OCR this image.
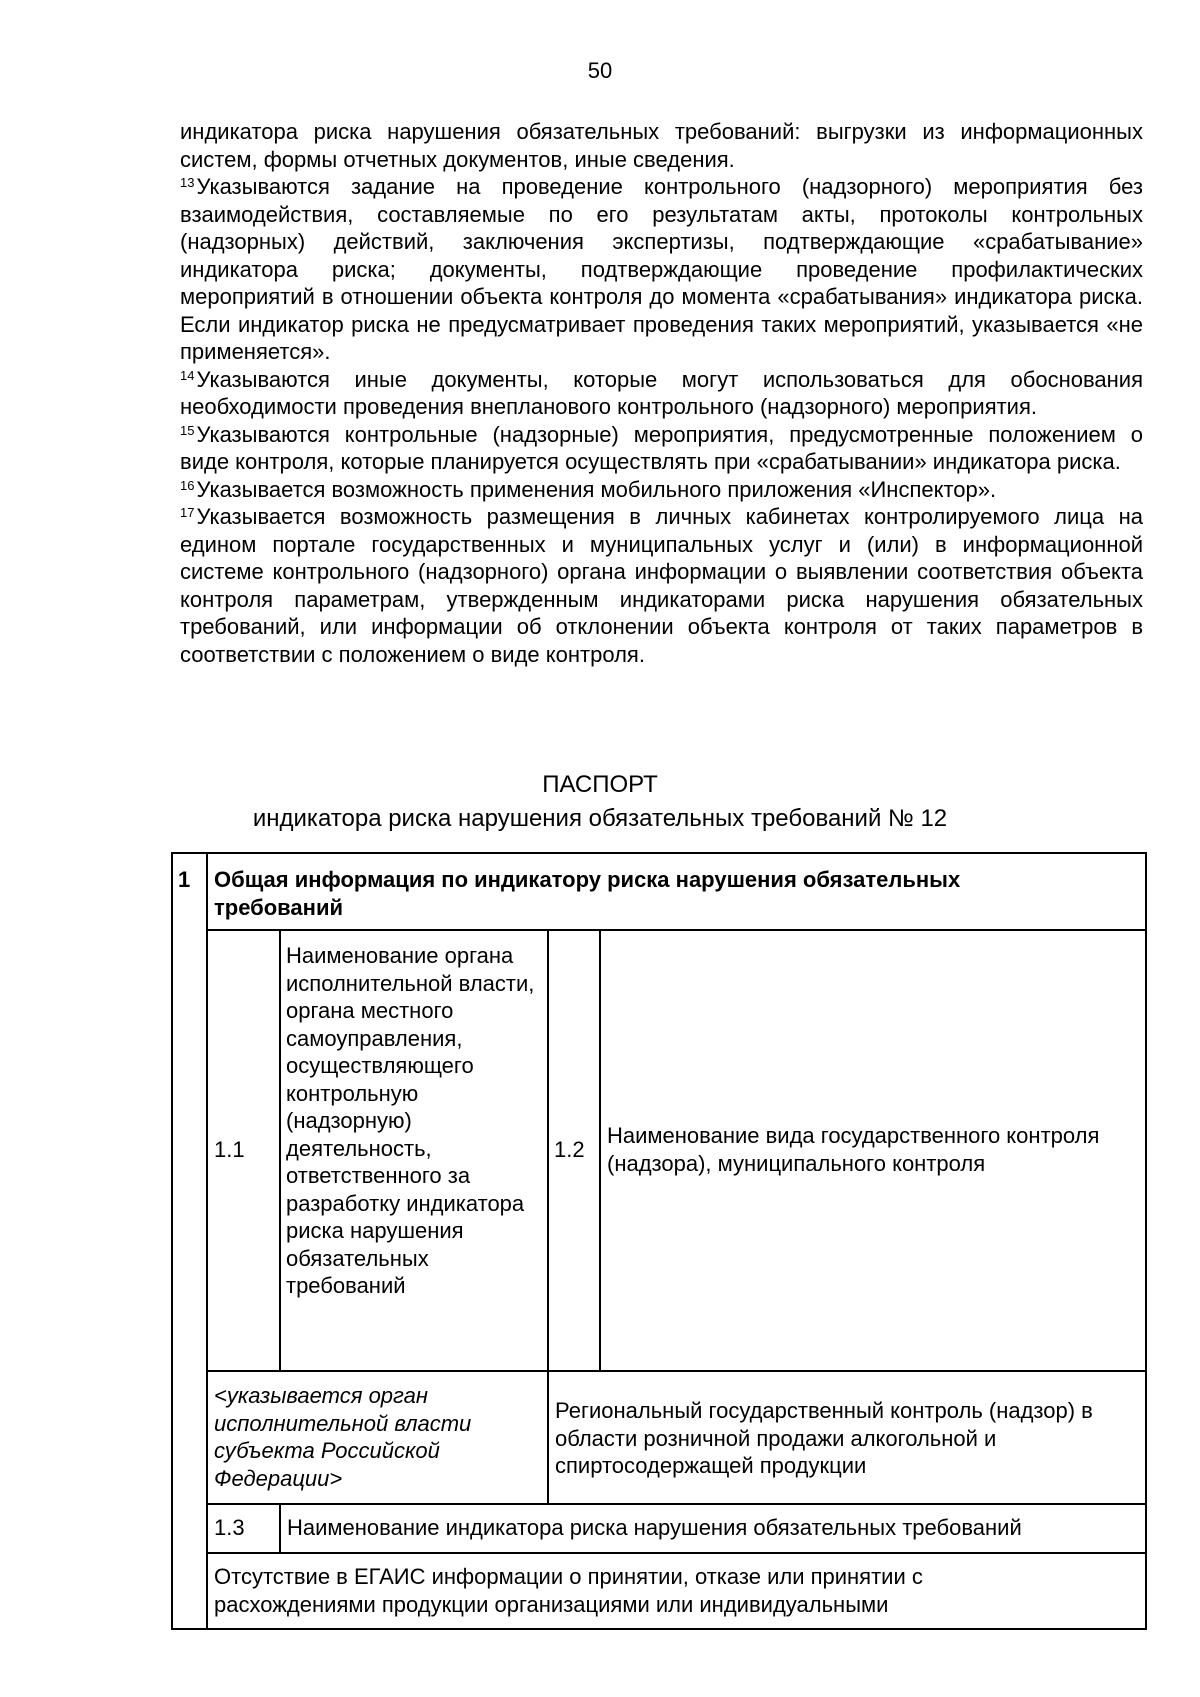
50

индикатора риска нарушения обязательных требований: выгрузки из информационных систем, формы отчетных документов, иные сведения.

$^{13}$Указываются задание на проведение контрольного (надзорного) мероприятия без взаимодействия, составляемые по его результатам акты, протоколы контрольных (надзорных) действий, заключения экспертизы, подтверждающие «срабатывание» индикатора риска; документы, подтверждающие проведение профилактических мероприятий в отношении объекта контроля до момента «срабатывания» индикатора риска. Если индикатор риска не предусматривает проведения таких мероприятий, указывается «не применяется».

$^{14}$Указываются иные документы, которые могут использоваться для обоснования необходимости проведения внепланового контрольного (надзорного) мероприятия.

$^{15}$Указываются контрольные (надзорные) мероприятия, предусмотренные положением о виде контроля, которые планируется осуществлять при «срабатывании» индикатора риска.

$^{16}$Указывается возможность применения мобильного приложения «Инспектор».

$^{17}$Указывается возможность размещения в личных кабинетах контролируемого лица на едином портале государственных и муниципальных услуг и (или) в информационной системе контрольного (надзорного) органа информации о выявлении соответствия объекта контроля параметрам, утвержденным индикаторами риска нарушения обязательных требований, или информации об отклонении объекта контроля от таких параметров в соответствии с положением о виде контроля.

ПАСПОРТ
индикатора риска нарушения обязательных требований № 12
1	Общая информация по индикатору риска нарушения обязательных требований
1.1
Наименование органа исполнительной власти, органа местного самоуправления, осуществляющего контрольную (надзорную) деятельность, ответственного за разработку индикатора риска нарушения обязательных требований
1.2
Наименование вида государственного контроля (надзора), муниципального контроля
<указывается орган исполнительной власти субъекта Российской Федерации>
Региональный государственный контроль (надзор) в области розничной продажи алкогольной и спиртосодержащей продукции
1.3	Наименование индикатора риска нарушения обязательных требований
Отсутствие в ЕГАИС информации о принятии, отказе или принятии с расхождениями продукции организациями или индивидуальными
